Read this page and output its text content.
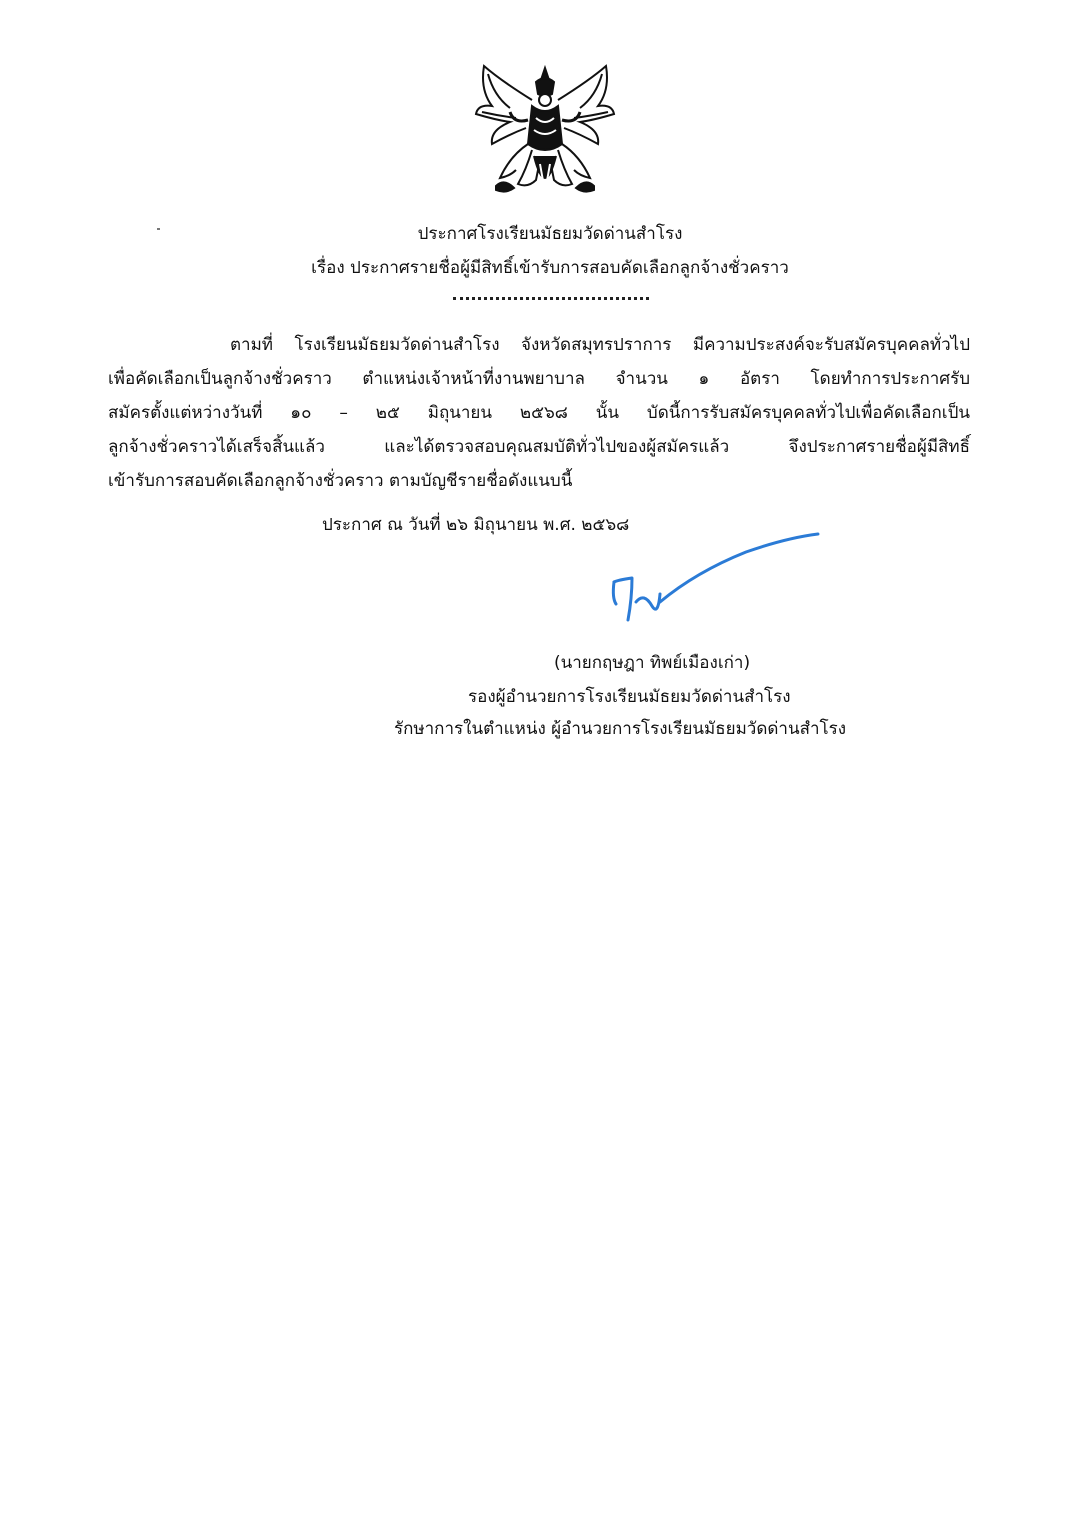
ประกาศโรงเรียนมัธยมวัดด่านสำโรง
เรื่อง ประกาศรายชื่อผู้มีสิทธิ์เข้ารับการสอบคัดเลือกลูกจ้างชั่วคราว
ตามที่ โรงเรียนมัธยมวัดด่านสำโรง จังหวัดสมุทรปราการ มีความประสงค์จะรับสมัครบุคคลทั่วไป
เพื่อคัดเลือกเป็นลูกจ้างชั่วคราว ตำแหน่งเจ้าหน้าที่งานพยาบาล จำนวน ๑ อัตรา โดยทำการประกาศรับ
สมัครตั้งแต่หว่างวันที่ ๑๐ – ๒๕ มิถุนายน ๒๕๖๘ นั้น บัดนี้การรับสมัครบุคคลทั่วไปเพื่อคัดเลือกเป็น
ลูกจ้างชั่วคราวได้เสร็จสิ้นแล้ว และได้ตรวจสอบคุณสมบัติทั่วไปของผู้สมัครแล้ว จึงประกาศรายชื่อผู้มีสิทธิ์
เข้ารับการสอบคัดเลือกลูกจ้างชั่วคราว ตามบัญชีรายชื่อดังแนบนี้
ประกาศ ณ วันที่ ๒๖ มิถุนายน พ.ศ. ๒๕๖๘
(นายกฤษฎา ทิพย์เมืองเก่า)
รองผู้อำนวยการโรงเรียนมัธยมวัดด่านสำโรง
รักษาการในตำแหน่ง ผู้อำนวยการโรงเรียนมัธยมวัดด่านสำโรง
